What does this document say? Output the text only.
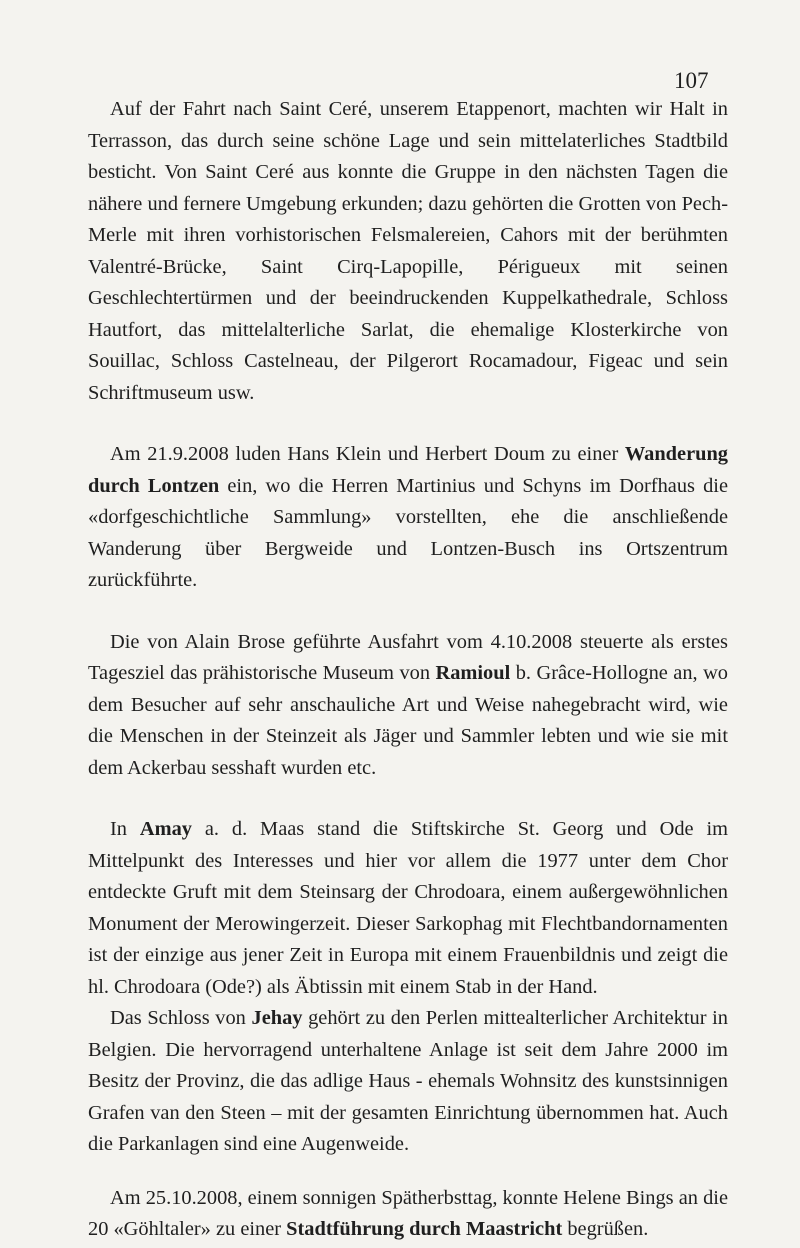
107

Auf der Fahrt nach Saint Ceré, unserem Etappenort, machten wir Halt in Terrasson, das durch seine schöne Lage und sein mittelaterliches Stadtbild besticht. Von Saint Ceré aus konnte die Gruppe in den nächsten Tagen die nähere und fernere Umgebung erkunden; dazu gehörten die Grotten von Pech-Merle mit ihren vorhistorischen Felsmalereien, Cahors mit der berühmten Valentré-Brücke, Saint Cirq-Lapopille, Périgueux mit seinen Geschlechtertürmen und der beeindruckenden Kuppelkathedrale, Schloss Hautfort, das mittelalterliche Sarlat, die ehemalige Klosterkirche von Souillac, Schloss Castelneau, der Pilgerort Rocamadour, Figeac und sein Schriftmuseum usw.

Am 21.9.2008 luden Hans Klein und Herbert Doum zu einer Wanderung durch Lontzen ein, wo die Herren Martinius und Schyns im Dorfhaus die «dorfgeschichtliche Sammlung» vorstellten, ehe die anschließende Wanderung über Bergweide und Lontzen-Busch ins Ortszentrum zurückführte.

Die von Alain Brose geführte Ausfahrt vom 4.10.2008 steuerte als erstes Tagesziel das prähistorische Museum von Ramioul b. Grâce-Hollogne an, wo dem Besucher auf sehr anschauliche Art und Weise nahegebracht wird, wie die Menschen in der Steinzeit als Jäger und Sammler lebten und wie sie mit dem Ackerbau sesshaft wurden etc.

In Amay a. d. Maas stand die Stiftskirche St. Georg und Ode im Mittelpunkt des Interesses und hier vor allem die 1977 unter dem Chor entdeckte Gruft mit dem Steinsarg der Chrodoara, einem außergewöhnlichen Monument der Merowingerzeit. Dieser Sarkophag mit Flechtbandornamenten ist der einzige aus jener Zeit in Europa mit einem Frauenbildnis und zeigt die hl. Chrodoara (Ode?) als Äbtissin mit einem Stab in der Hand.

Das Schloss von Jehay gehört zu den Perlen mittealterlicher Architektur in Belgien. Die hervorragend unterhaltene Anlage ist seit dem Jahre 2000 im Besitz der Provinz, die das adlige Haus - ehemals Wohnsitz des kunstsinnigen Grafen van den Steen – mit der gesamten Einrichtung übernommen hat. Auch die Parkanlagen sind eine Augenweide.

Am 25.10.2008, einem sonnigen Spätherbsttag, konnte Helene Bings an die 20 «Göhltaler» zu einer Stadtführung durch Maastricht begrüßen.
